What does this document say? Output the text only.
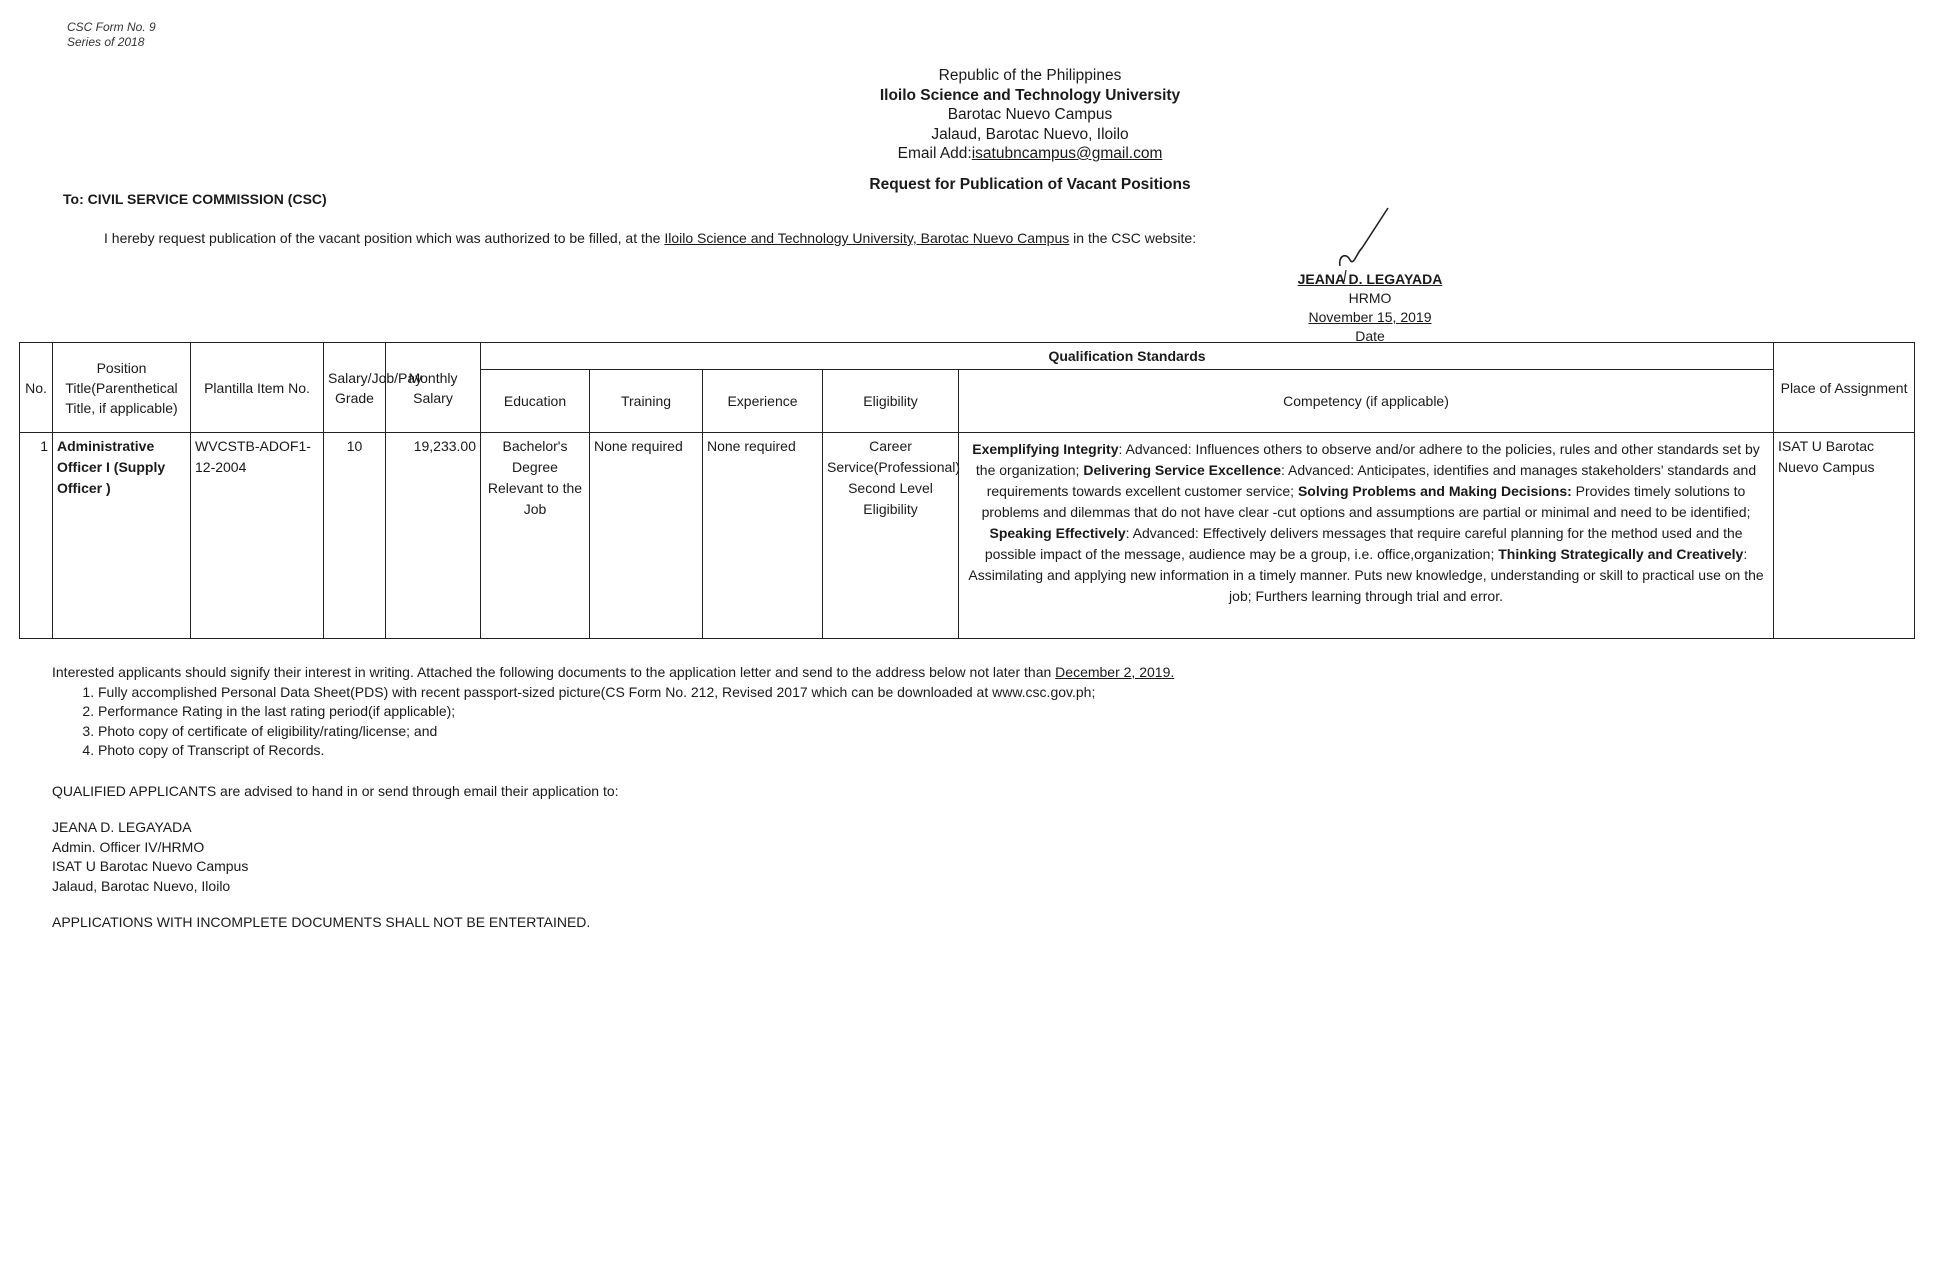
CSC Form No. 9
Series of 2018
Republic of the Philippines
Iloilo Science and Technology University
Barotac Nuevo Campus
Jalaud, Barotac Nuevo, Iloilo
Email Add:isatubncampus@gmail.com
Request for Publication of Vacant Positions
To: CIVIL SERVICE COMMISSION (CSC)
I hereby request publication of the vacant position which was authorized to be filled, at the Iloilo Science and Technology University, Barotac Nuevo Campus in the CSC website:
JEANA D. LEGAYADA
HRMO
November 15, 2019
Date
No.	Position Title(Parenthetical Title, if applicable)	Plantilla Item No.	Salary/Job/Pay Grade	Monthly Salary	Qualification Standards					Place of Assignment
					Education	Training	Experience	Eligibility	Competency (if applicable)	
1	Administrative Officer I (Supply Officer )	WVCSTB-ADOF1-12-2004	10	19,233.00	Bachelor's Degree Relevant to the Job	None required	None required	Career Service(Professional) Second Level Eligibility	Exemplifying Integrity: Advanced: Influences others to observe and/or adhere to the policies, rules and other standards set by the organization; Delivering Service Excellence: Advanced: Anticipates, identifies and manages stakeholders' standards and requirements towards excellent customer service; Solving Problems and Making Decisions: Provides timely solutions to problems and dilemmas that do not have clear -cut options and assumptions are partial or minimal and need to be identified; Speaking Effectively: Advanced: Effectively delivers messages that require careful planning for the method used and the possible impact of the message, audience may be a group, i.e. office,organization; Thinking Strategically and Creatively: Assimilating and applying new information in a timely manner. Puts new knowledge, understanding or skill to practical use on the job; Furthers learning through trial and error.	ISAT U Barotac Nuevo Campus
Interested applicants should signify their interest in writing. Attached the following documents to the application letter and send to the address below not later than December 2, 2019.
1. Fully accomplished Personal Data Sheet(PDS) with recent passport-sized picture(CS Form No. 212, Revised 2017 which can be downloaded at www.csc.gov.ph;
2. Performance Rating in the last rating period(if applicable);
3. Photo copy of certificate of eligibility/rating/license; and
4. Photo copy of Transcript of Records.
QUALIFIED APPLICANTS are advised to hand in or send through email their application to:
JEANA D. LEGAYADA
Admin. Officer IV/HRMO
ISAT U Barotac Nuevo Campus
Jalaud, Barotac Nuevo, Iloilo
APPLICATIONS WITH INCOMPLETE DOCUMENTS SHALL NOT BE ENTERTAINED.
